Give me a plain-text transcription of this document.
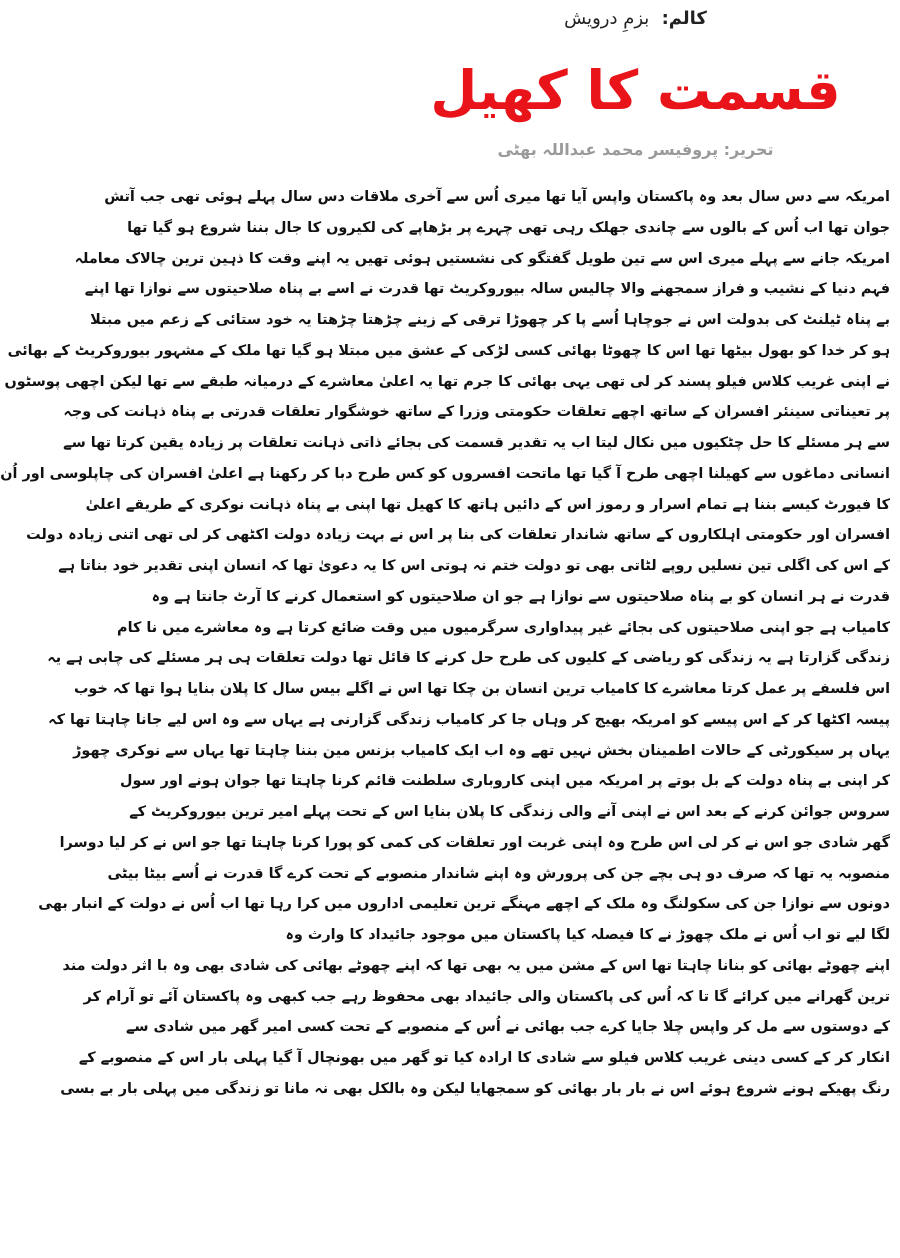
کالم: بزمِ درویش
قسمت کا کھیل
تحریر: پروفیسر محمد عبداللہ بھٹی
امریکہ سے دس سال بعد وہ پاکستان واپس آیا تھا میری اُس سے آخری ملاقات دس سال پہلے ہوئی تھی جب آتش
جوان تھا اب اُس کے بالوں سے چاندی جھلک رہی تھی چہرے پر بڑھاپے کی لکیروں کا جال بننا شروع ہو گیا تھا
امریکہ جانے سے پہلے میری اس سے تین طویل گفتگو کی نشستیں ہوئی تھیں یہ اپنے وقت کا ذہین ترین چالاک معاملہ
فہم دنیا کے نشیب و فراز سمجھنے والا چالیس سالہ بیوروکریٹ تھا قدرت نے اسے بے پناہ صلاحیتوں سے نوازا تھا اپنے
بے پناہ ٹیلنٹ کی بدولت اس نے جوچاہا اُسے پا کر چھوڑا ترقی کے زینے چڑھتا چڑھتا یہ خود ستائی کے زعم میں مبتلا
ہو کر خدا کو بھول بیٹھا تھا اس کا چھوٹا بھائی کسی لڑکی کے عشق میں مبتلا ہو گیا تھا ملک کے مشہور بیوروکریٹ کے بھائی
نے اپنی غریب کلاس فیلو پسند کر لی تھی یہی بھائی کا جرم تھا یہ اعلیٰ معاشرے کے درمیانہ طبقے سے تھا لیکن اچھی پوسٹوں
پر تعیناتی سینئر افسران کے ساتھ اچھے تعلقات حکومتی وزرا کے ساتھ خوشگوار تعلقات قدرتی بے پناہ ذہانت کی وجہ
سے ہر مسئلے کا حل چٹکیوں میں نکال لیتا اب یہ تقدیر قسمت کی بجائے ذاتی ذہانت تعلقات پر زیادہ یقین کرتا تھا سے
انسانی دماغوں سے کھیلنا اچھی طرح آ گیا تھا ماتحت افسروں کو کس طرح دبا کر رکھنا ہے اعلیٰ افسران کی چاپلوسی اور اُن
کا فیورٹ کیسے بننا ہے تمام اسرار و رموز اس کے دائیں ہاتھ کا کھیل تھا اپنی بے پناہ ذہانت نوکری کے طریقے اعلیٰ
افسران اور حکومتی اہلکاروں کے ساتھ شاندار تعلقات کی بنا پر اس نے بہت زیادہ دولت اکٹھی کر لی تھی اتنی زیادہ دولت
کے اس کی اگلی تین نسلیں روپے لٹاتی بھی تو دولت ختم نہ ہوتی اس کا یہ دعویٰ تھا کہ انسان اپنی تقدیر خود بناتا ہے
قدرت نے ہر انسان کو بے پناہ صلاحیتوں سے نوازا ہے جو ان صلاحیتوں کو استعمال کرنے کا آرٹ جانتا ہے وہ
کامیاب ہے جو اپنی صلاحیتوں کی بجائے غیر پیداواری سرگرمیوں میں وقت ضائع کرتا ہے وہ معاشرے میں نا کام
زندگی گزارتا ہے یہ زندگی کو ریاضی کے کلیوں کی طرح حل کرنے کا قائل تھا دولت تعلقات ہی ہر مسئلے کی چابی ہے یہ
اس فلسفے پر عمل کرتا معاشرے کا کامیاب ترین انسان بن چکا تھا اس نے اگلے بیس سال کا پلان بنایا ہوا تھا کہ خوب
پیسہ اکٹھا کر کے اس پیسے کو امریکہ بھیج کر وہاں جا کر کامیاب زندگی گزارنی ہے یہاں سے وہ اس لیے جانا چاہتا تھا کہ
یہاں پر سیکورٹی کے حالات اطمینان بخش نہیں تھے وہ اب ایک کامیاب بزنس مین بننا چاہتا تھا یہاں سے نوکری چھوڑ
کر اپنی بے پناہ دولت کے بل بوتے پر امریکہ میں اپنی کاروباری سلطنت قائم کرنا چاہتا تھا جوان ہونے اور سول
سروس جوائن کرنے کے بعد اس نے اپنی آنے والی زندگی کا پلان بنایا اس کے تحت پہلے امیر ترین بیوروکریٹ کے
گھر شادی جو اس نے کر لی اس طرح وہ اپنی غربت اور تعلقات کی کمی کو پورا کرنا چاہتا تھا جو اس نے کر لیا دوسرا
منصوبہ یہ تھا کہ صرف دو ہی بچے جن کی پرورش وہ اپنے شاندار منصوبے کے تحت کرے گا قدرت نے اُسے بیٹا بیٹی
دونوں سے نوازا جن کی سکولنگ وہ ملک کے اچھے مہنگے ترین تعلیمی اداروں میں کرا رہا تھا اب اُس نے دولت کے انبار بھی
لگا لیے تو اب اُس نے ملک چھوڑ نے کا فیصلہ کیا پاکستان میں موجود جائیداد کا وارث وہ
اپنے چھوٹے بھائی کو بنانا چاہتا تھا اس کے مشن میں یہ بھی تھا کہ اپنے چھوٹے بھائی کی شادی بھی وہ با اثر دولت مند
ترین گھرانے میں کرائے گا تا کہ اُس کی پاکستان والی جائیداد بھی محفوظ رہے جب کبھی وہ پاکستان آئے تو آرام کر
کے دوستوں سے مل کر واپس چلا جایا کرے جب بھائی نے اُس کے منصوبے کے تحت کسی امیر گھر میں شادی سے
انکار کر کے کسی دینی غریب کلاس فیلو سے شادی کا ارادہ کیا تو گھر میں بھونچال آ گیا پہلی بار اس کے منصوبے کے
رنگ پھیکے ہونے شروع ہوئے اس نے بار بار بھائی کو سمجھایا لیکن وہ بالکل بھی نہ مانا تو زندگی میں پہلی بار بے بسی
